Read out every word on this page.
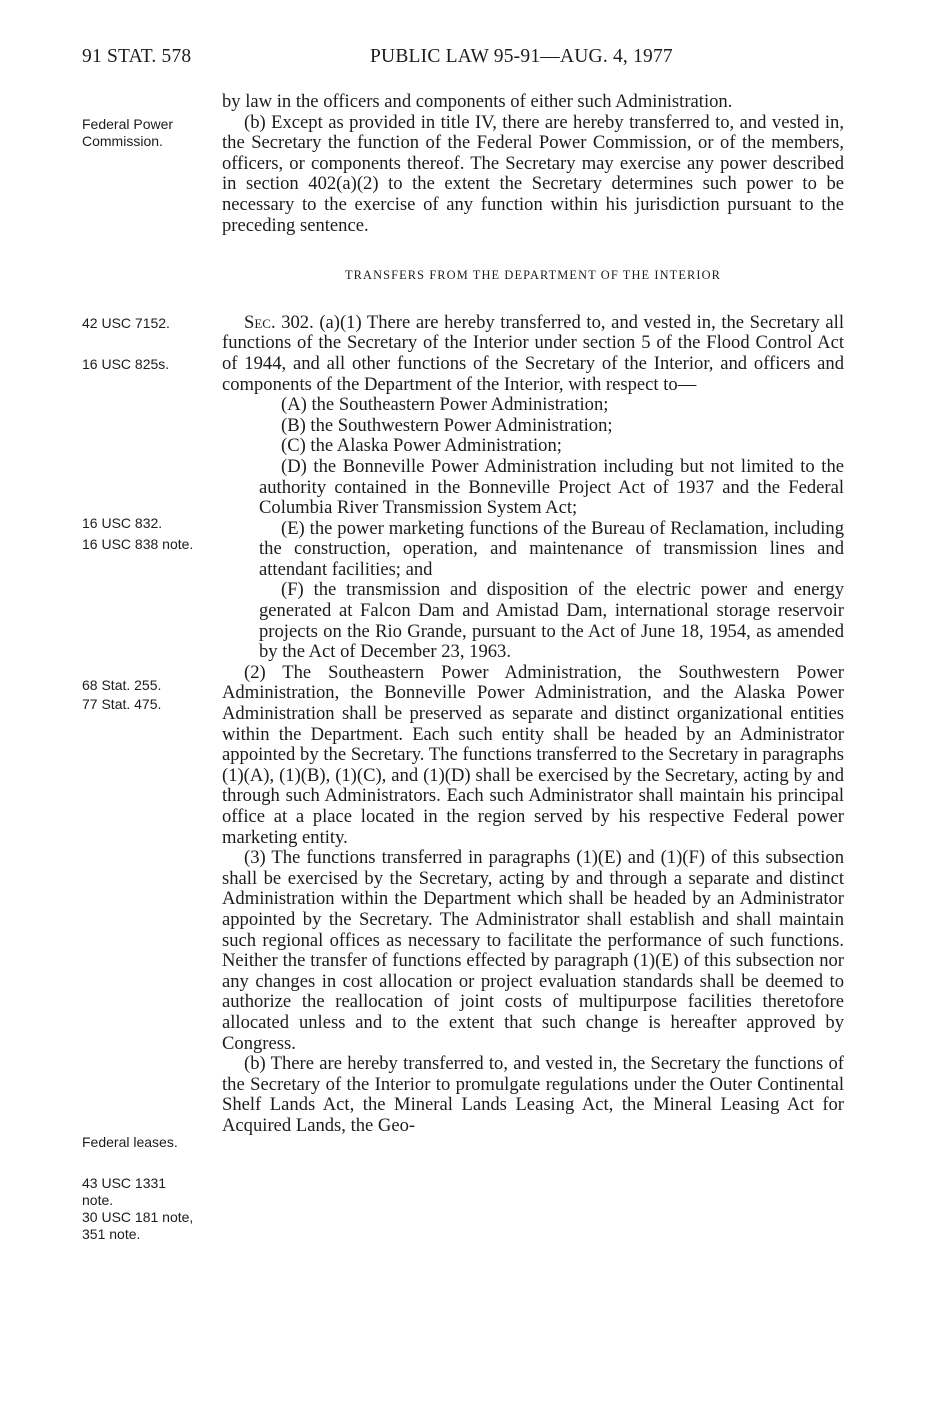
91 STAT. 578	PUBLIC LAW 95-91—AUG. 4, 1977
Federal Power
Commission.
42 USC 7152.
16 USC 825s.
16 USC 832.
16 USC 838 note.
68 Stat. 255.
77 Stat. 475.
Federal leases.
43 USC 1331
note.
30 USC 181 note,
351 note.

by law in the officers and components of either such Administration.

(b) Except as provided in title IV, there are hereby transferred to, and vested in, the Secretary the function of the Federal Power Commission, or of the members, officers, or components thereof. The Secretary may exercise any power described in section 402(a)(2) to the extent the Secretary determines such power to be necessary to the exercise of any function within his jurisdiction pursuant to the preceding sentence.

TRANSFERS FROM THE DEPARTMENT OF THE INTERIOR

Sec. 302. (a)(1) There are hereby transferred to, and vested in, the Secretary all functions of the Secretary of the Interior under section 5 of the Flood Control Act of 1944, and all other functions of the Secretary of the Interior, and officers and components of the Department of the Interior, with respect to—

(A) the Southeastern Power Administration;

(B) the Southwestern Power Administration;

(C) the Alaska Power Administration;

(D) the Bonneville Power Administration including but not limited to the authority contained in the Bonneville Project Act of 1937 and the Federal Columbia River Transmission System Act;

(E) the power marketing functions of the Bureau of Reclamation, including the construction, operation, and maintenance of transmission lines and attendant facilities; and

(F) the transmission and disposition of the electric power and energy generated at Falcon Dam and Amistad Dam, international storage reservoir projects on the Rio Grande, pursuant to the Act of June 18, 1954, as amended by the Act of December 23, 1963.

(2) The Southeastern Power Administration, the Southwestern Power Administration, the Bonneville Power Administration, and the Alaska Power Administration shall be preserved as separate and distinct organizational entities within the Department. Each such entity shall be headed by an Administrator appointed by the Secretary. The functions transferred to the Secretary in paragraphs (1)(A), (1)(B), (1)(C), and (1)(D) shall be exercised by the Secretary, acting by and through such Administrators. Each such Administrator shall maintain his principal office at a place located in the region served by his respective Federal power marketing entity.

(3) The functions transferred in paragraphs (1)(E) and (1)(F) of this subsection shall be exercised by the Secretary, acting by and through a separate and distinct Administration within the Department which shall be headed by an Administrator appointed by the Secretary. The Administrator shall establish and shall maintain such regional offices as necessary to facilitate the performance of such functions. Neither the transfer of functions effected by paragraph (1)(E) of this subsection nor any changes in cost allocation or project evaluation standards shall be deemed to authorize the reallocation of joint costs of multipurpose facilities theretofore allocated unless and to the extent that such change is hereafter approved by Congress.

(b) There are hereby transferred to, and vested in, the Secretary the functions of the Secretary of the Interior to promulgate regulations under the Outer Continental Shelf Lands Act, the Mineral Lands Leasing Act, the Mineral Leasing Act for Acquired Lands, the Geo-
